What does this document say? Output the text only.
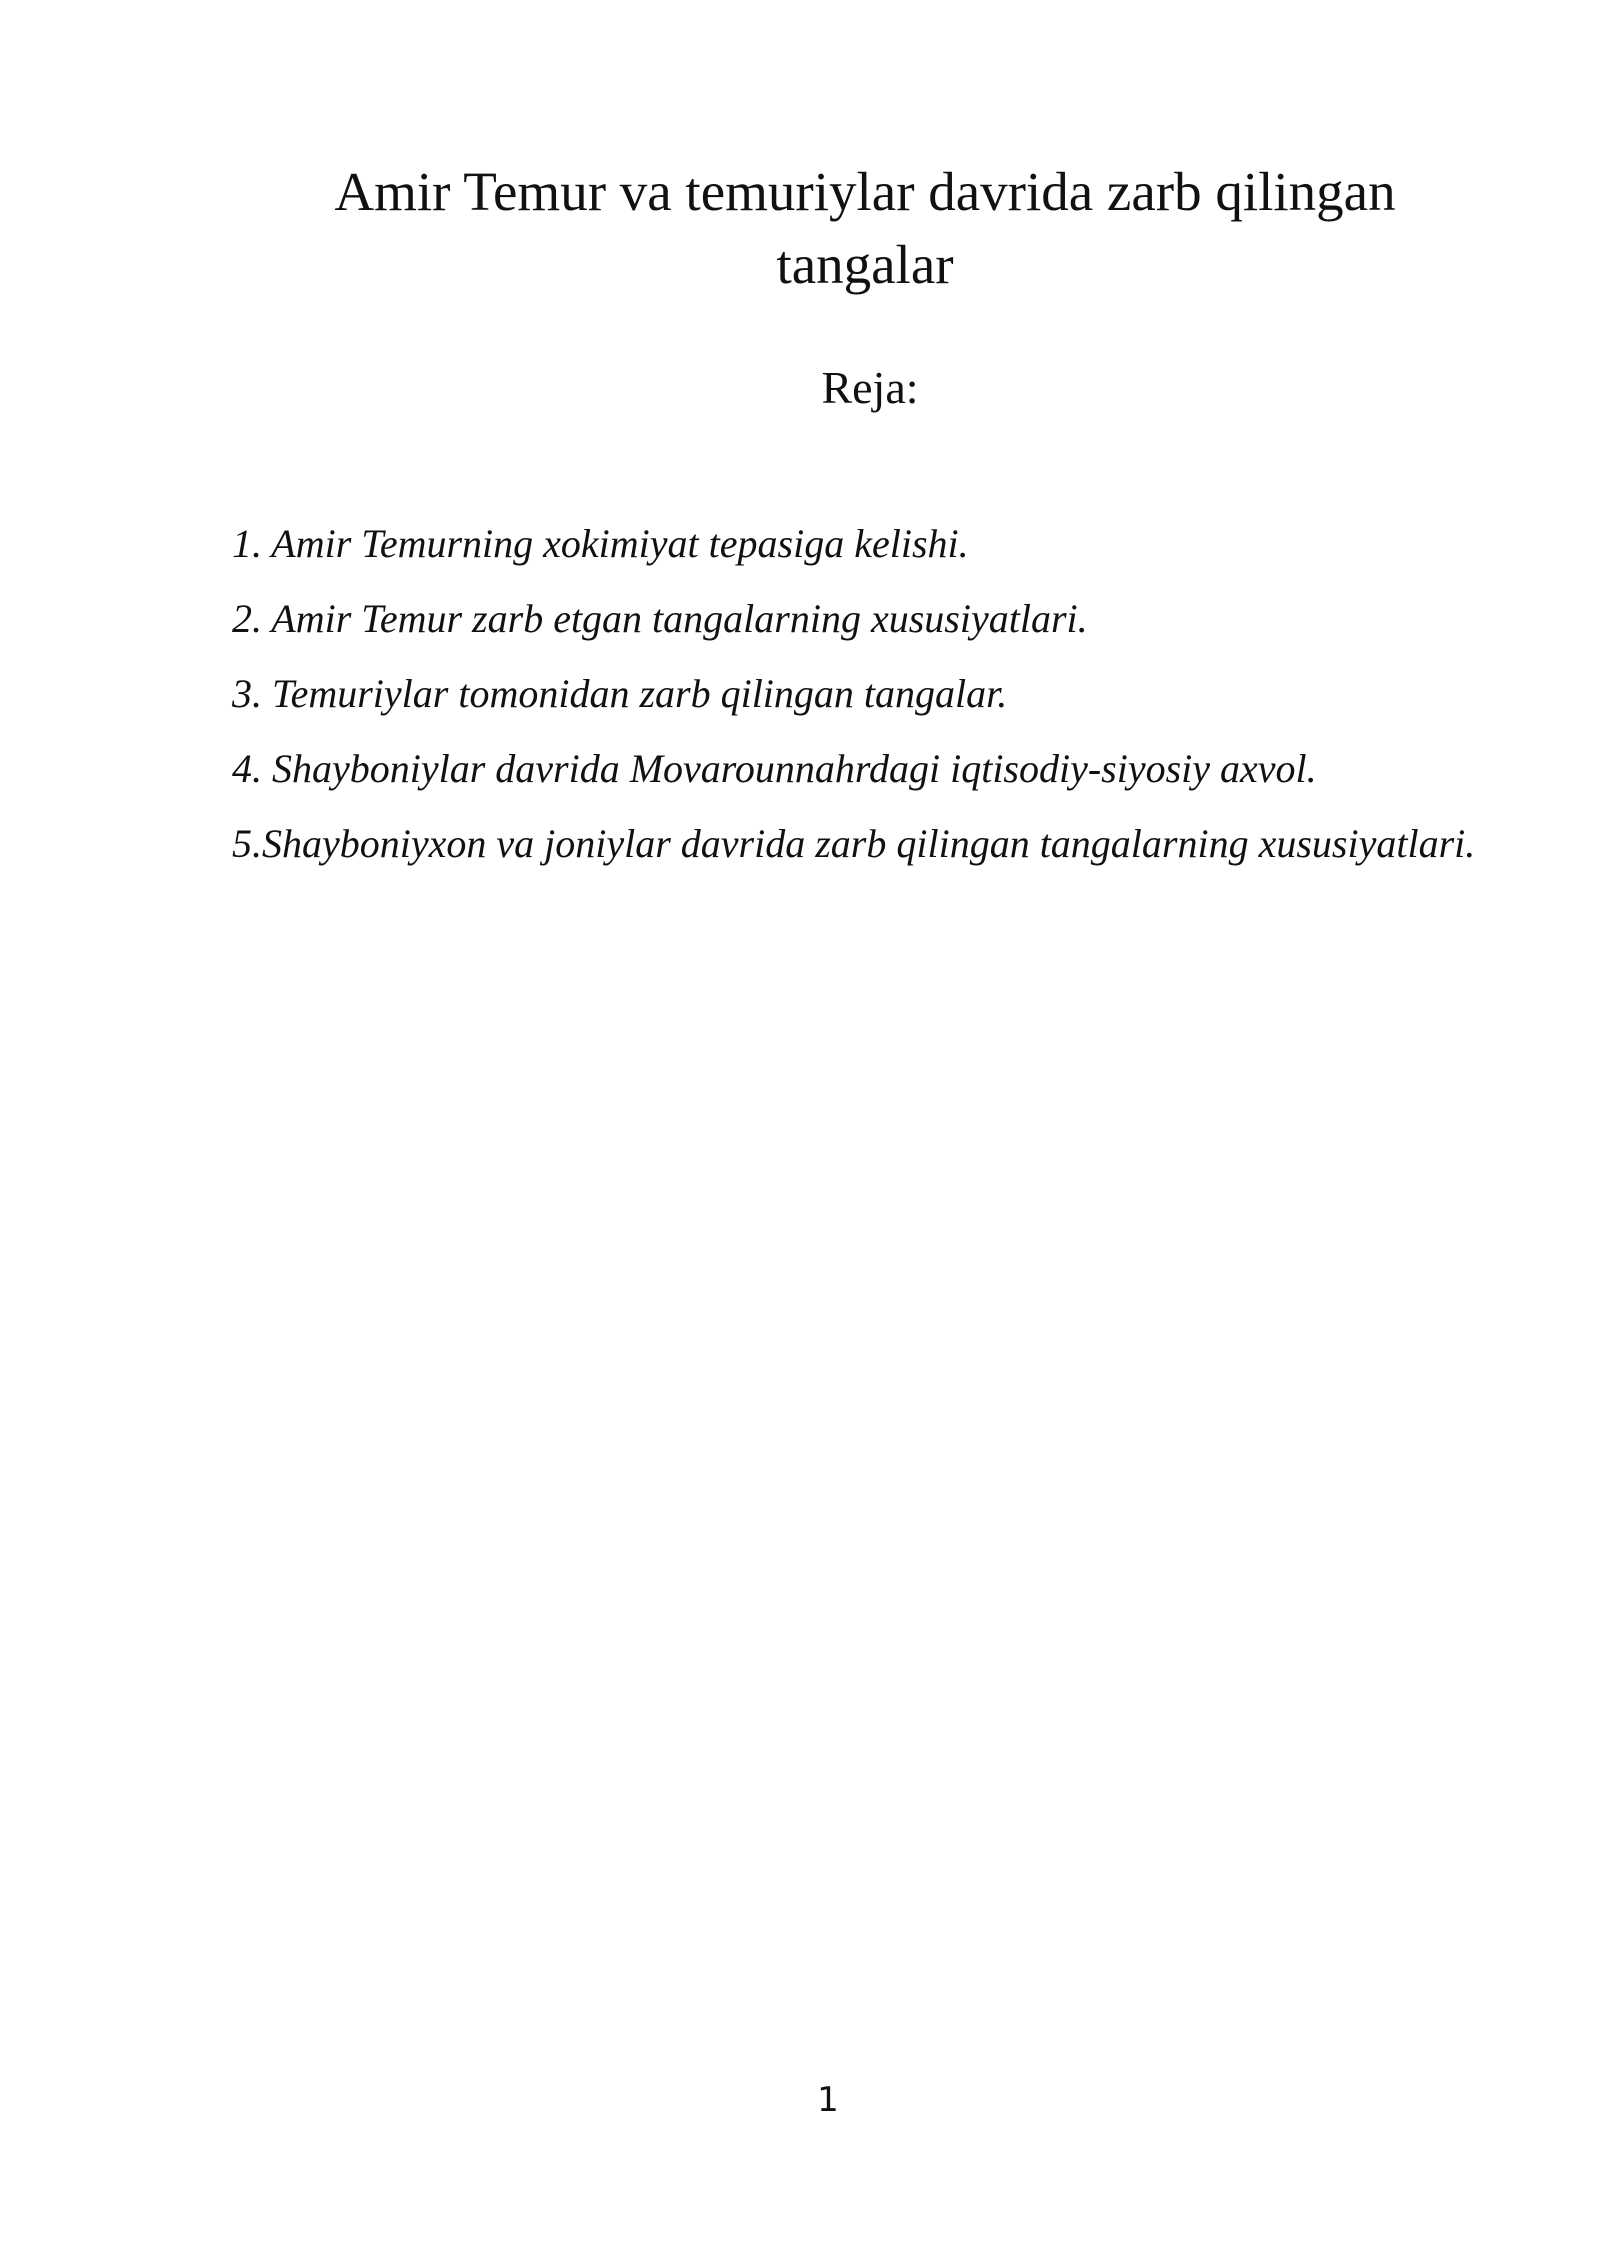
Amir Temur va temuriylar davrida zarb qilingan tangalar
Reja:
1. Amir Temurning xokimiyat tepasiga kelishi.
2. Amir Temur zarb etgan tangalarning xususiyatlari.
3. Temuriylar tomonidan zarb qilingan tangalar.
4. Shayboniylar davrida Movarounnahrdagi iqtisodiy-siyosiy axvol.
5.Shayboniyxon va joniylar davrida zarb qilingan tangalarning xususiyatlari.
1
